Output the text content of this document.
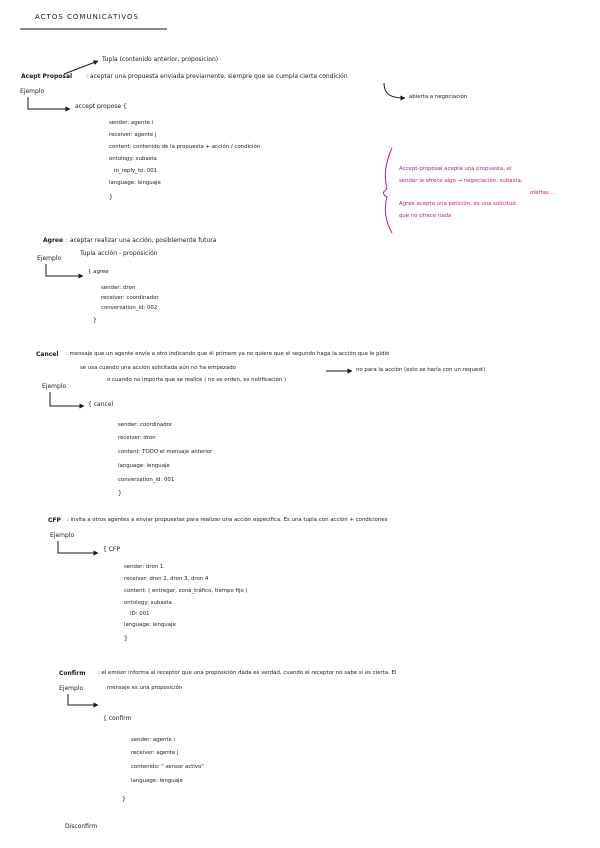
ACTOS COMUNICATIVOS
Tupla (contenido anterior, proposicion)
Acept Proposal : aceptar una propuesta enviada previamente, siempre que se cumpla cierta condición
Ejemplo
abierta a negociación
accept propose {
sender: agente i
receiver: agente j
content: contenido de la propuesta + acción / condición
ontology: subasta
in_reply_to: 001
language: lenguaje
}
Accept-proposal acepta una propuesta, el
sender le ofrece algo → negociación, subasta,
ofertas ...
Agree acepta una petición, es una solicitud
que no ofrece nada
Agree : aceptar realizar una acción, posiblemente futura
Tupla acción - proposición
Ejemplo
{ agree
sender: dron
receiver: coordinador
conversation_id: 002
}
Cancel : mensaje que un agente envía a otro indicando que él primero ya no quiere que el segundo haga la acción que le pidió
se usa cuando una acción solicitada aún no ha empezado	no para la acción (esto se haría con un request)
o cuando no importa que se realice ( no es orden, es notificación )
Ejemplo
{ cancel
sender: coordinador
receiver: dron
content: TODO el mensaje anterior
language: lenguaje
conversation_id: 001
}
CFP : invita a otros agentes a enviar propuestas para realizar una acción específica. Es una tupla con acción + condiciones
Ejemplo
{ CFP
sender: dron 1
receiver: dron 2, dron 3, dron 4
content: ( entregar, zona_tráfico, tiempo fijo )
ontology: subasta
ID: 001
language: lenguaje
}
Confirm : el emisor informa al receptor que una proposición dada es verdad, cuando el receptor no sabe si es cierta. El
Ejemplo	mensaje es una proposición
{ confirm
sender: agente i
receiver: agente j
contenido: " sensor activo"
language: lenguaje
}
Disconfirm
